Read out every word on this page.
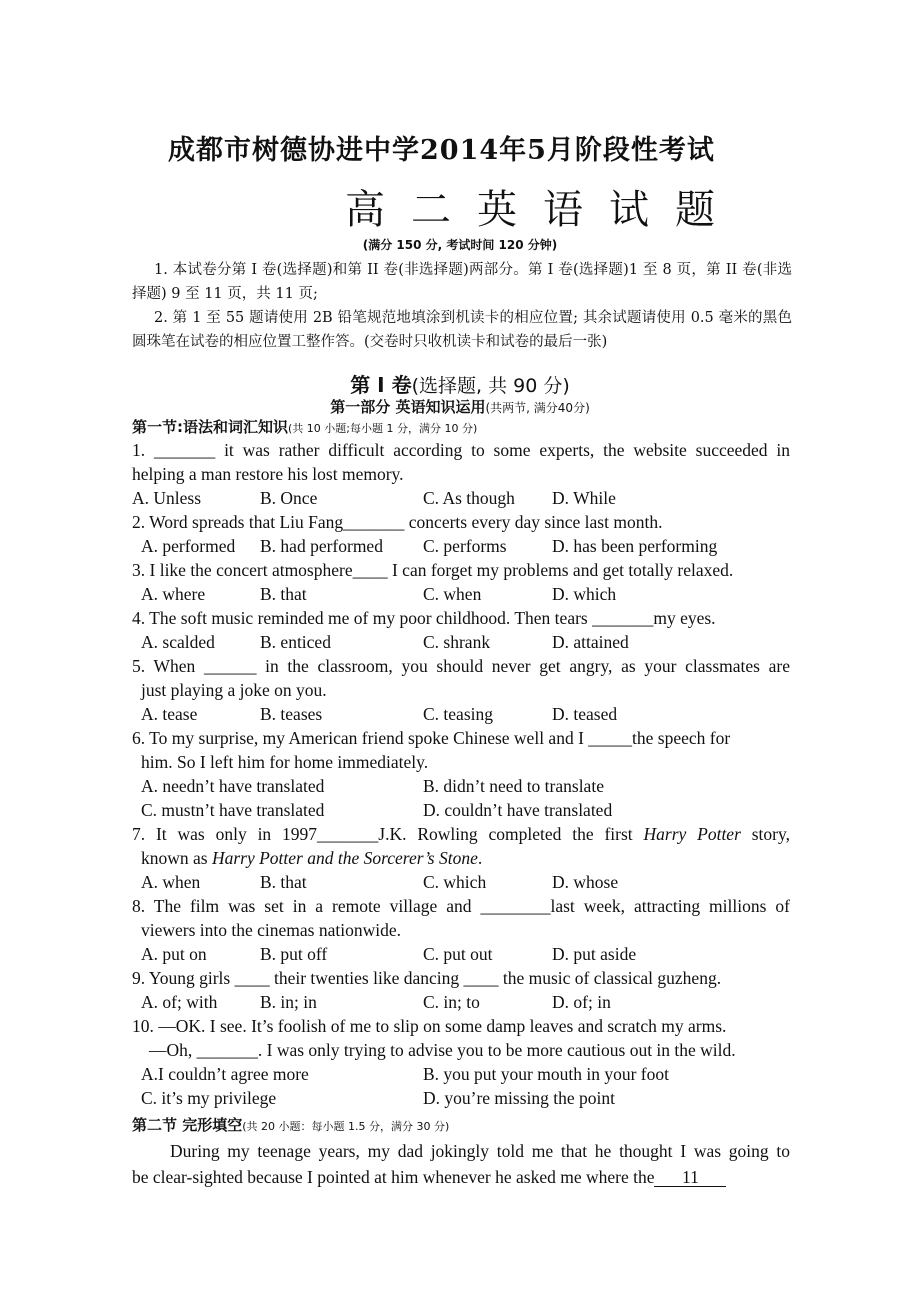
成都市树德协进中学2014年5月阶段性考试
高二英语试题
(满分 150 分, 考试时间 120 分钟)

1. 本试卷分第 I 卷(选择题)和第 II 卷(非选择题)两部分。第 I 卷(选择题)1 至 8 页，第 II 卷(非选择题) 9 至 11 页，共 11 页;

2. 第 1 至 55 题请使用 2B 铅笔规范地填涂到机读卡的相应位置; 其余试题请使用 0.5 毫米的黑色圆珠笔在试卷的相应位置工整作答。(交卷时只收机读卡和试卷的最后一张)

第 I 卷(选择题, 共 90 分)
第一部分 英语知识运用(共两节, 满分40分)
第一节:语法和词汇知识(共 10 小题;每小题 1 分，满分 10 分)
1. _______ it was rather difficult according to some experts, the website succeeded in
helping a man restore his lost memory.
A. Unless	B. Once	C. As though D. While
2. Word spreads that Liu Fang_______ concerts every day since last month.
A. performed B. had performed C. performs	D. has been performing
3. I like the concert atmosphere____ I can forget my problems and get totally relaxed.
A. where	B. that	C. when	D. which
4. The soft music reminded me of my poor childhood. Then tears _______my eyes.
A. scalded	B. enticed	C. shrank	D. attained
5. When ______ in the classroom, you should never get angry, as your classmates are
just playing a joke on you.
A. tease	B. teases	C. teasing	D. teased
6. To my surprise, my American friend spoke Chinese well and I _____the speech for
him. So I left him for home immediately.
A. needn’t have translated	B. didn’t need to translate
C. mustn’t have translated	D. couldn’t have translated
7. It was only in 1997_______J.K. Rowling completed the first Harry Potter story,
known as Harry Potter and the Sorcerer’s Stone.
A. when	B. that	C. which	D. whose
8. The film was set in a remote village and ________last week, attracting millions of
viewers into the cinemas nationwide.
A. put on	B. put off	C. put out	D. put aside
9. Young girls ____ their twenties like dancing ____ the music of classical guzheng.
A. of; with B. in; in	C. in; to	D. of; in
10. —OK. I see. It’s foolish of me to slip on some damp leaves and scratch my arms.
—Oh, _______. I was only trying to advise you to be more cautious out in the wild.
A.I couldn’t agree more	B. you put your mouth in your foot
C. it’s my privilege	D. you’re missing the point
第二节 完形填空(共 20 小题：每小题 1.5 分，满分 30 分)
During my teenage years, my dad jokingly told me that he thought I was going to
be clear-sighted because I pointed at him whenever he asked me where the 11
